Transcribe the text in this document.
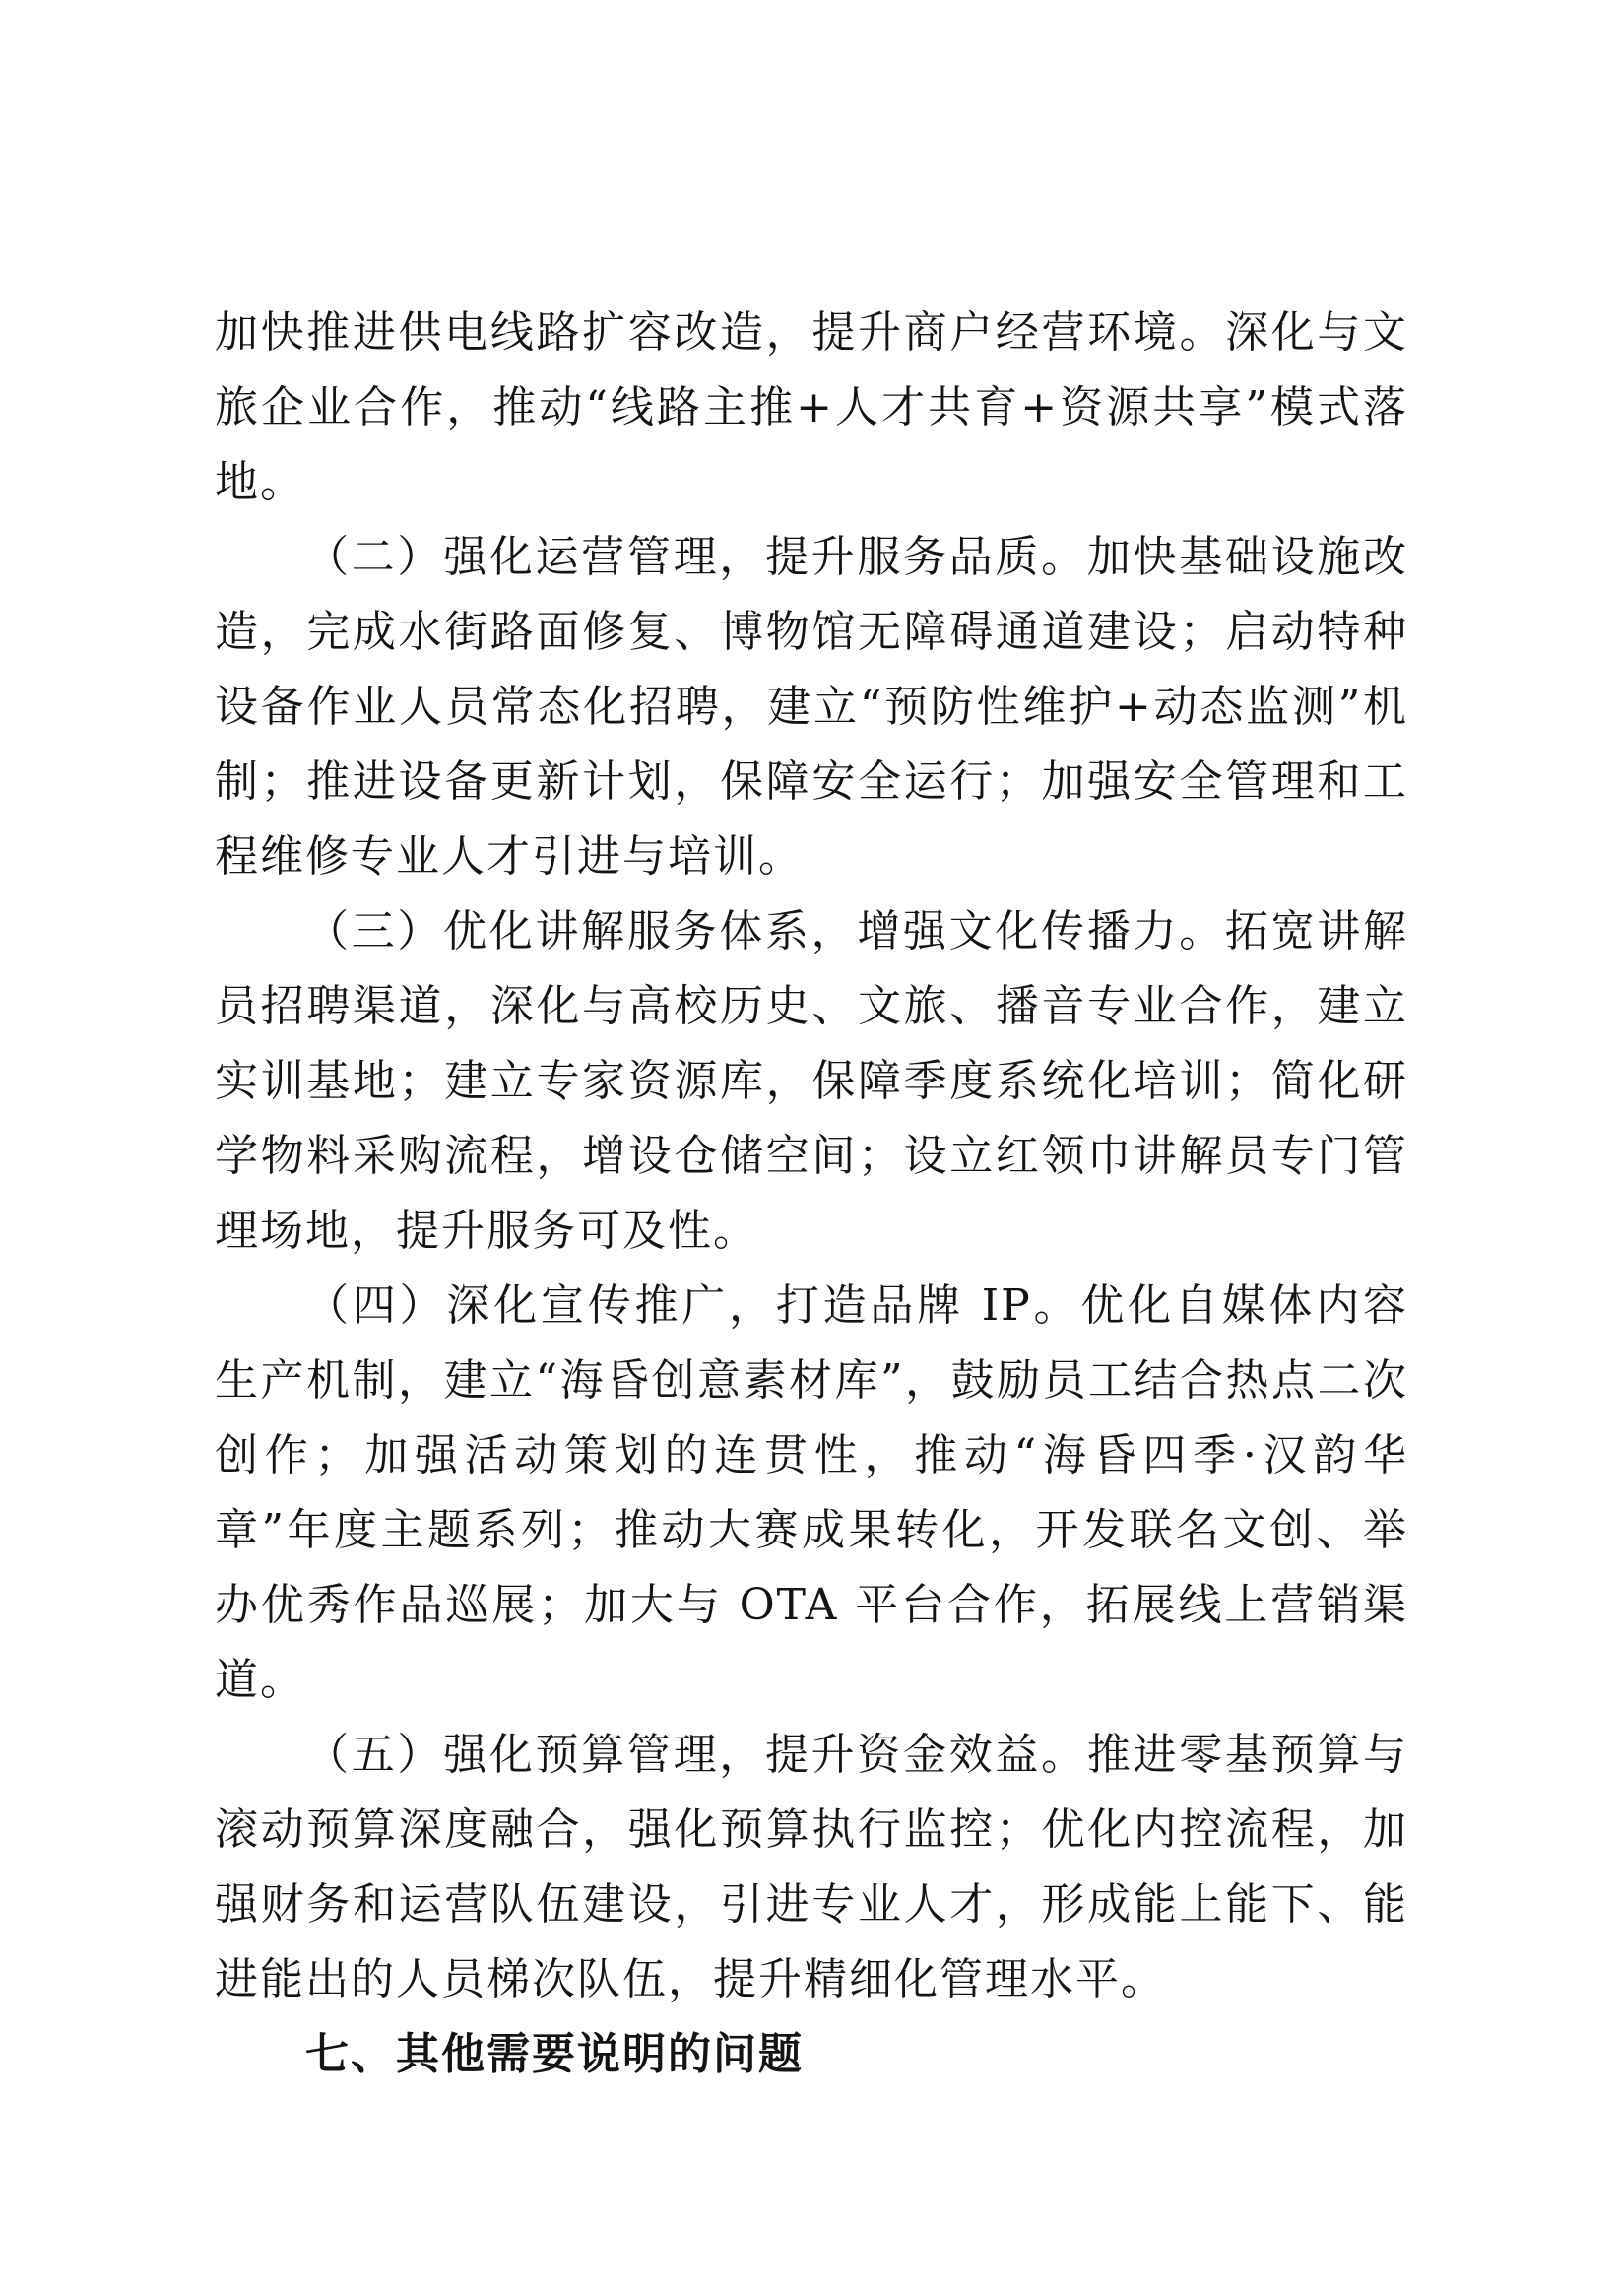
加快推进供电线路扩容改造，提升商户经营环境。深化与文旅企业合作，推动“线路主推+人才共育+资源共享”模式落地。

（二）强化运营管理，提升服务品质。加快基础设施改造，完成水街路面修复、博物馆无障碍通道建设；启动特种设备作业人员常态化招聘，建立“预防性维护+动态监测”机制；推进设备更新计划，保障安全运行；加强安全管理和工程维修专业人才引进与培训。

（三）优化讲解服务体系，增强文化传播力。拓宽讲解员招聘渠道，深化与高校历史、文旅、播音专业合作，建立实训基地；建立专家资源库，保障季度系统化培训；简化研学物料采购流程，增设仓储空间；设立红领巾讲解员专门管理场地，提升服务可及性。

（四）深化宣传推广，打造品牌 IP。优化自媒体内容生产机制，建立“海昏创意素材库”，鼓励员工结合热点二次创作；加强活动策划的连贯性，推动“海昏四季·汉韵华章”年度主题系列；推动大赛成果转化，开发联名文创、举办优秀作品巡展；加大与 OTA 平台合作，拓展线上营销渠道。

（五）强化预算管理，提升资金效益。推进零基预算与滚动预算深度融合，强化预算执行监控；优化内控流程，加强财务和运营队伍建设，引进专业人才，形成能上能下、能进能出的人员梯次队伍，提升精细化管理水平。

七、其他需要说明的问题
